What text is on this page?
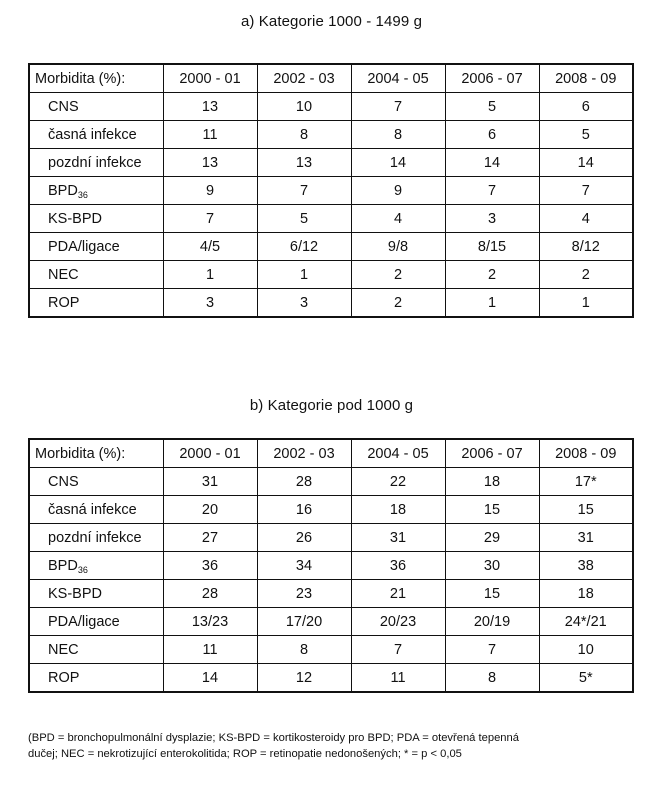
a) Kategorie 1000 - 1499 g
Morbidita (%):	2000 - 01	2002 - 03	2004 - 05	2006 - 07	2008 - 09
CNS	13	10	7	5	6
časná infekce	11	8	8	6	5
pozdní infekce	13	13	14	14	14
$BPD_{36}$	9	7	9	7	7
KS-BPD	7	5	4	3	4
PDA/ligace	4/5	6/12	9/8	8/15	8/12
NEC	1	1	2	2	2
ROP	3	3	2	1	1
b) Kategorie pod 1000 g
Morbidita (%):	2000 - 01	2002 - 03	2004 - 05	2006 - 07	2008 - 09
CNS	31	28	22	18	17*
časná infekce	20	16	18	15	15
pozdní infekce	27	26	31	29	31
$BPD_{36}$	36	34	36	30	38
KS-BPD	28	23	21	15	18
PDA/ligace	13/23	17/20	20/23	20/19	24*/21
NEC	11	8	7	7	10
ROP	14	12	11	8	5*
(BPD = bronchopulmonální dysplazie; KS-BPD = kortikosteroidy pro BPD; PDA = otevřená tepenná
dučej; NEC = nekrotizující enterokolitida; ROP = retinopatie nedonošených; * = p < 0,05
